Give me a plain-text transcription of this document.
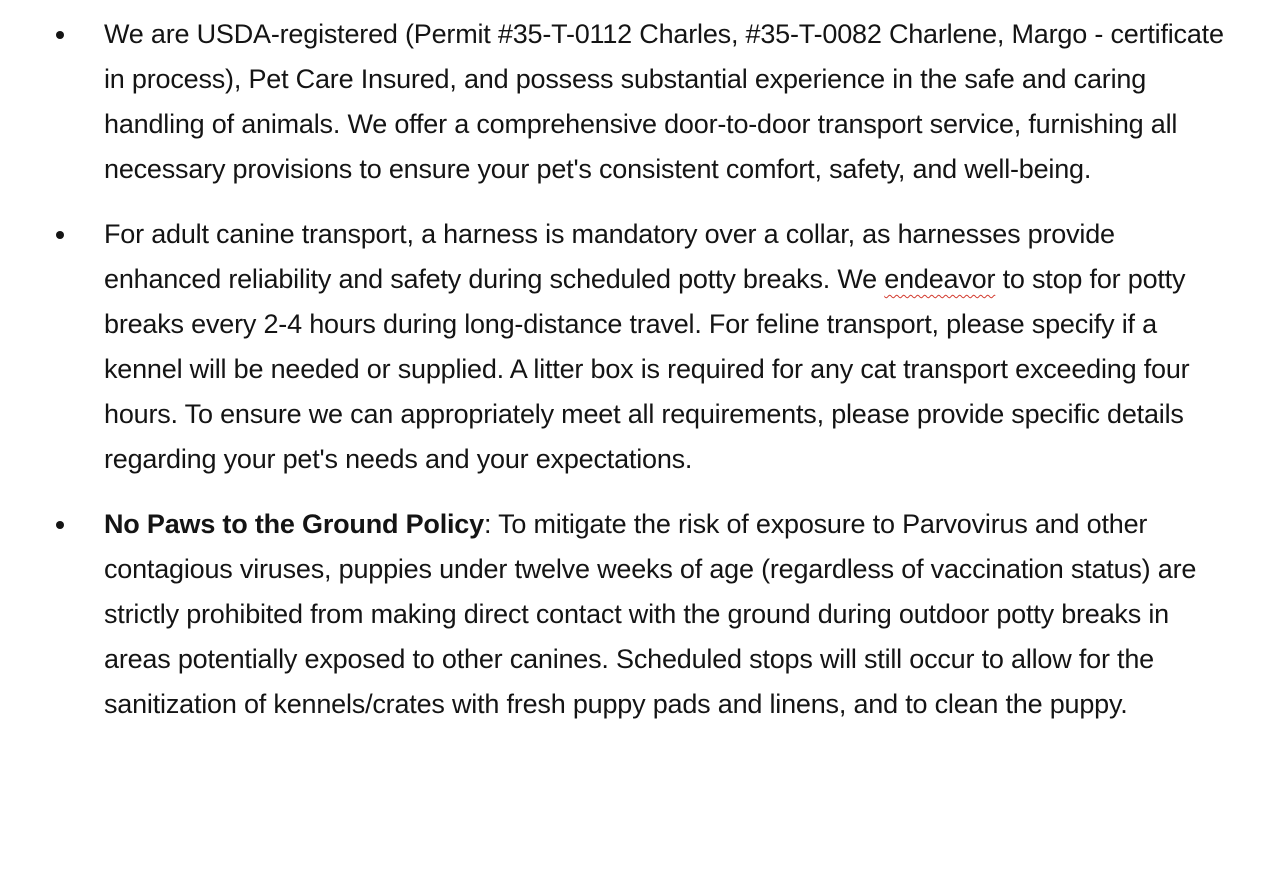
We are USDA-registered (Permit #35-T-0112 Charles, #35-T-0082 Charlene, Margo - certificate in process), Pet Care Insured, and possess substantial experience in the safe and caring handling of animals. We offer a comprehensive door-to-door transport service, furnishing all necessary provisions to ensure your pet's consistent comfort, safety, and well-being.
For adult canine transport, a harness is mandatory over a collar, as harnesses provide enhanced reliability and safety during scheduled potty breaks. We endeavor to stop for potty breaks every 2-4 hours during long-distance travel. For feline transport, please specify if a kennel will be needed or supplied. A litter box is required for any cat transport exceeding four hours. To ensure we can appropriately meet all requirements, please provide specific details regarding your pet's needs and your expectations.
No Paws to the Ground Policy: To mitigate the risk of exposure to Parvovirus and other contagious viruses, puppies under twelve weeks of age (regardless of vaccination status) are strictly prohibited from making direct contact with the ground during outdoor potty breaks in areas potentially exposed to other canines. Scheduled stops will still occur to allow for the sanitization of kennels/crates with fresh puppy pads and linens, and to clean the puppy.
